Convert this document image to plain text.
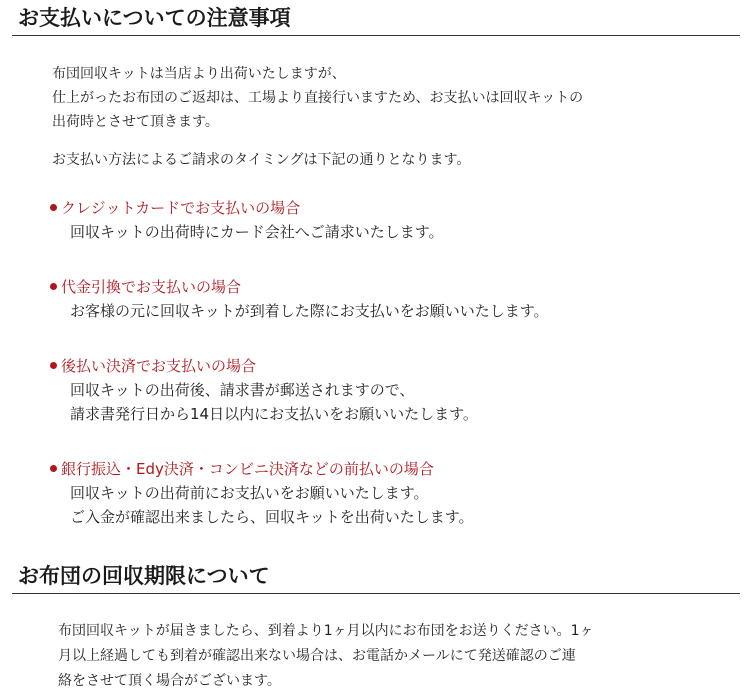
お支払いについての注意事項

布団回収キットは当店より出荷いたしますが、
仕上がったお布団のご返却は、工場より直接行いますため、お支払いは回収キットの
出荷時とさせて頂きます。

お支払い方法によるご請求のタイミングは下記の通りとなります。

クレジットカードでお支払いの場合
回収キットの出荷時にカード会社へご請求いたします。
代金引換でお支払いの場合
お客様の元に回収キットが到着した際にお支払いをお願いいたします。
後払い決済でお支払いの場合
回収キットの出荷後、請求書が郵送されますので、
請求書発行日から14日以内にお支払いをお願いいたします。
銀行振込・Edy決済・コンビニ決済などの前払いの場合
回収キットの出荷前にお支払いをお願いいたします。
ご入金が確認出来ましたら、回収キットを出荷いたします。
お布団の回収期限について

布団回収キットが届きましたら、到着より1ヶ月以内にお布団をお送りください。1ヶ
月以上経過しても到着が確認出来ない場合は、お電話かメールにて発送確認のご連
絡をさせて頂く場合がございます。
